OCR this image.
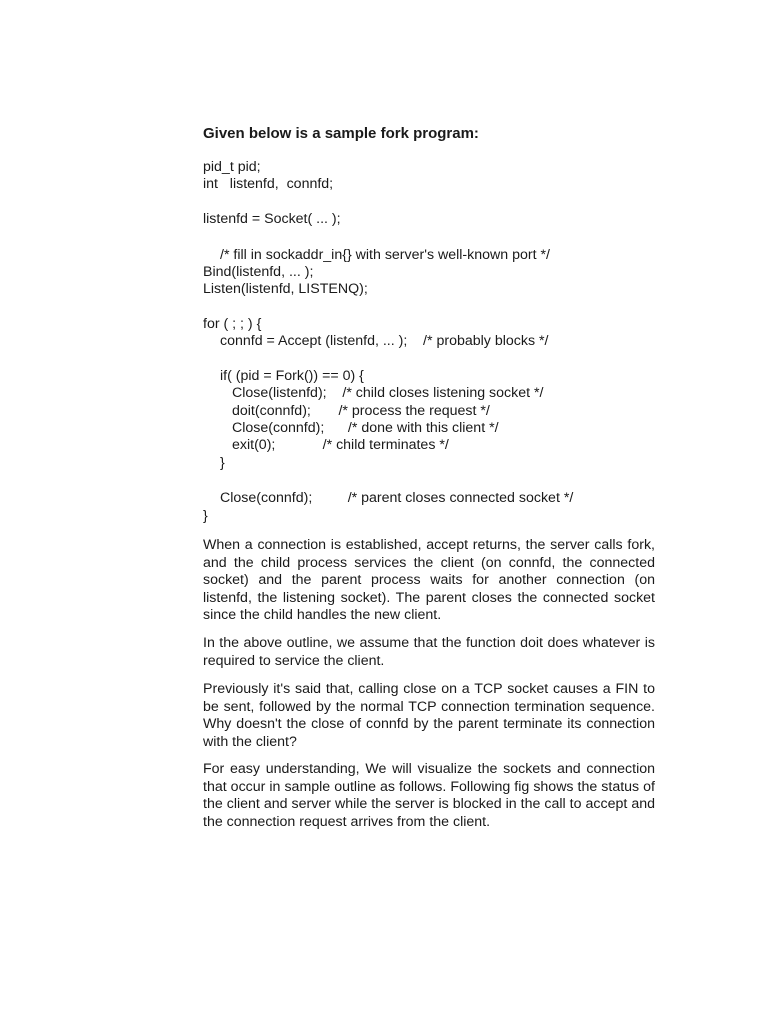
Given below is a sample fork program:
pid_t pid;
int   listenfd,  connfd;
listenfd = Socket( ... );
/* fill in sockaddr_in{} with server's well-known port */
Bind(listenfd, ... );
Listen(listenfd, LISTENQ);
for ( ; ; ) {
connfd = Accept (listenfd, ... );    /* probably blocks */
if( (pid = Fork()) == 0) {
Close(listenfd);    /* child closes listening socket */
doit(connfd);       /* process the request */
Close(connfd);      /* done with this client */
exit(0);            /* child terminates */
}
Close(connfd);         /* parent closes connected socket */
}

When a connection is established, accept returns, the server calls fork, and the child process services the client (on connfd, the connected socket) and the parent process waits for another connection (on listenfd, the listening socket). The parent closes the connected socket since the child handles the new client.

In the above outline, we assume that the function doit does whatever is required to service the client.

Previously it's said that, calling close on a TCP socket causes a FIN to be sent, followed by the normal TCP connection termination sequence. Why doesn't the close of connfd by the parent terminate its connection with the client?

For easy understanding, We will visualize the sockets and connection that occur in sample outline as follows. Following fig shows the status of the client and server while the server is blocked in the call to accept and the connection request arrives from the client.
